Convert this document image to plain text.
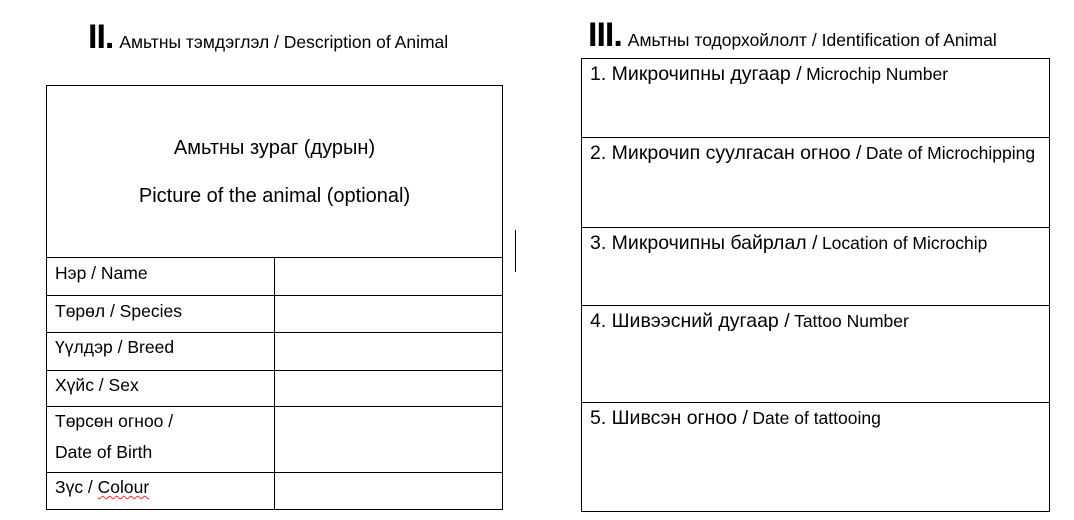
II. Амьтны тэмдэглэл / Description of Animal	III. Амьтны тодорхойлолт / Identification of Animal
Амьтны зураг (дурын)
Picture of the animal (optional)
Нэр / Name
Төрөл / Species
Үүлдэр / Breed
Хүйс / Sex
Төрсөн огноо /
Date of Birth
Зүс / Colour
1. Микрочипны дугаар / Microchip Number
2. Микрочип суулгасан огноо / Date of Microchipping
3. Микрочипны байрлал / Location of Microchip
4. Шивээсний дугаар / Tattoo Number
5. Шивсэн огноо / Date of tattooing
